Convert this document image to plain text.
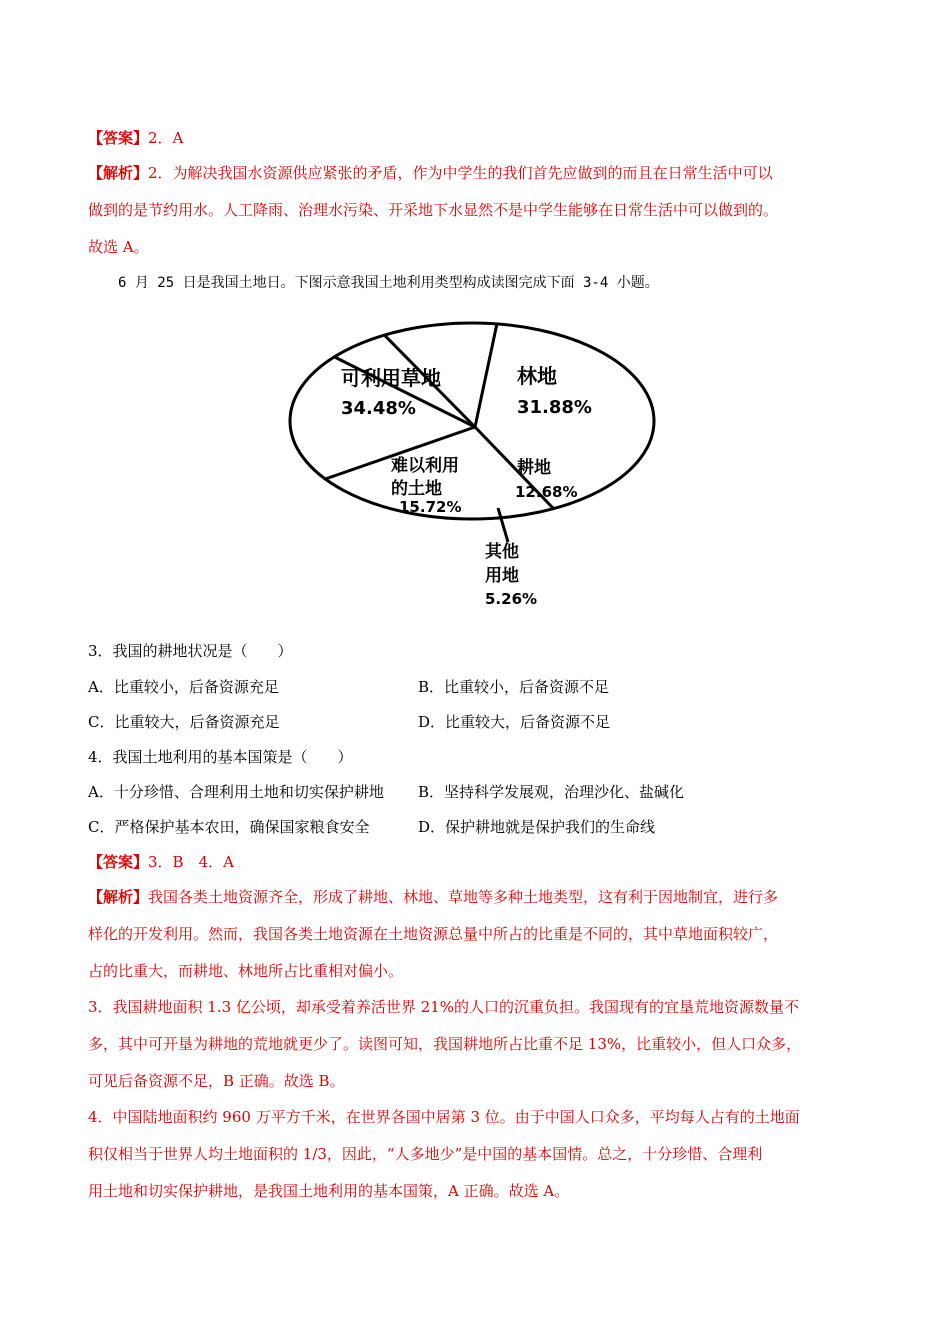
【答案】2．A
【解析】2．为解决我国水资源供应紧张的矛盾，作为中学生的我们首先应做到的而且在日常生活中可以
做到的是节约用水。人工降雨、治理水污染、开采地下水显然不是中学生能够在日常生活中可以做到的。
故选 A。
6 月 25 日是我国土地日。下图示意我国土地利用类型构成读图完成下面 3-4 小题。
可利用草地
34.48%
林地
31.88%
耕地
12.68%
难以利用
的土地
15.72%
其他
用地
5.26%
3．我国的耕地状况是（　　）
A．比重较小，后备资源充足	B．比重较小，后备资源不足
C．比重较大，后备资源充足	D．比重较大，后备资源不足
4．我国土地利用的基本国策是（　　）
A．十分珍惜、合理利用土地和切实保护耕地 B．坚持科学发展观，治理沙化、盐碱化
C．严格保护基本农田，确保国家粮食安全	D．保护耕地就是保护我们的生命线
【答案】3．B　4．A
【解析】我国各类土地资源齐全，形成了耕地、林地、草地等多种土地类型，这有利于因地制宜，进行多
样化的开发利用。然而，我国各类土地资源在土地资源总量中所占的比重是不同的，其中草地面积较广，
占的比重大，而耕地、林地所占比重相对偏小。
3．我国耕地面积 1.3 亿公顷，却承受着养活世界 21%的人口的沉重负担。我国现有的宜垦荒地资源数量不
多，其中可开垦为耕地的荒地就更少了。读图可知，我国耕地所占比重不足 13%，比重较小，但人口众多，
可见后备资源不足，B 正确。故选 B。
4．中国陆地面积约 960 万平方千米，在世界各国中居第 3 位。由于中国人口众多，平均每人占有的土地面
积仅相当于世界人均土地面积的 1/3，因此，“人多地少”是中国的基本国情。总之，十分珍惜、合理利
用土地和切实保护耕地，是我国土地利用的基本国策，A 正确。故选 A。
